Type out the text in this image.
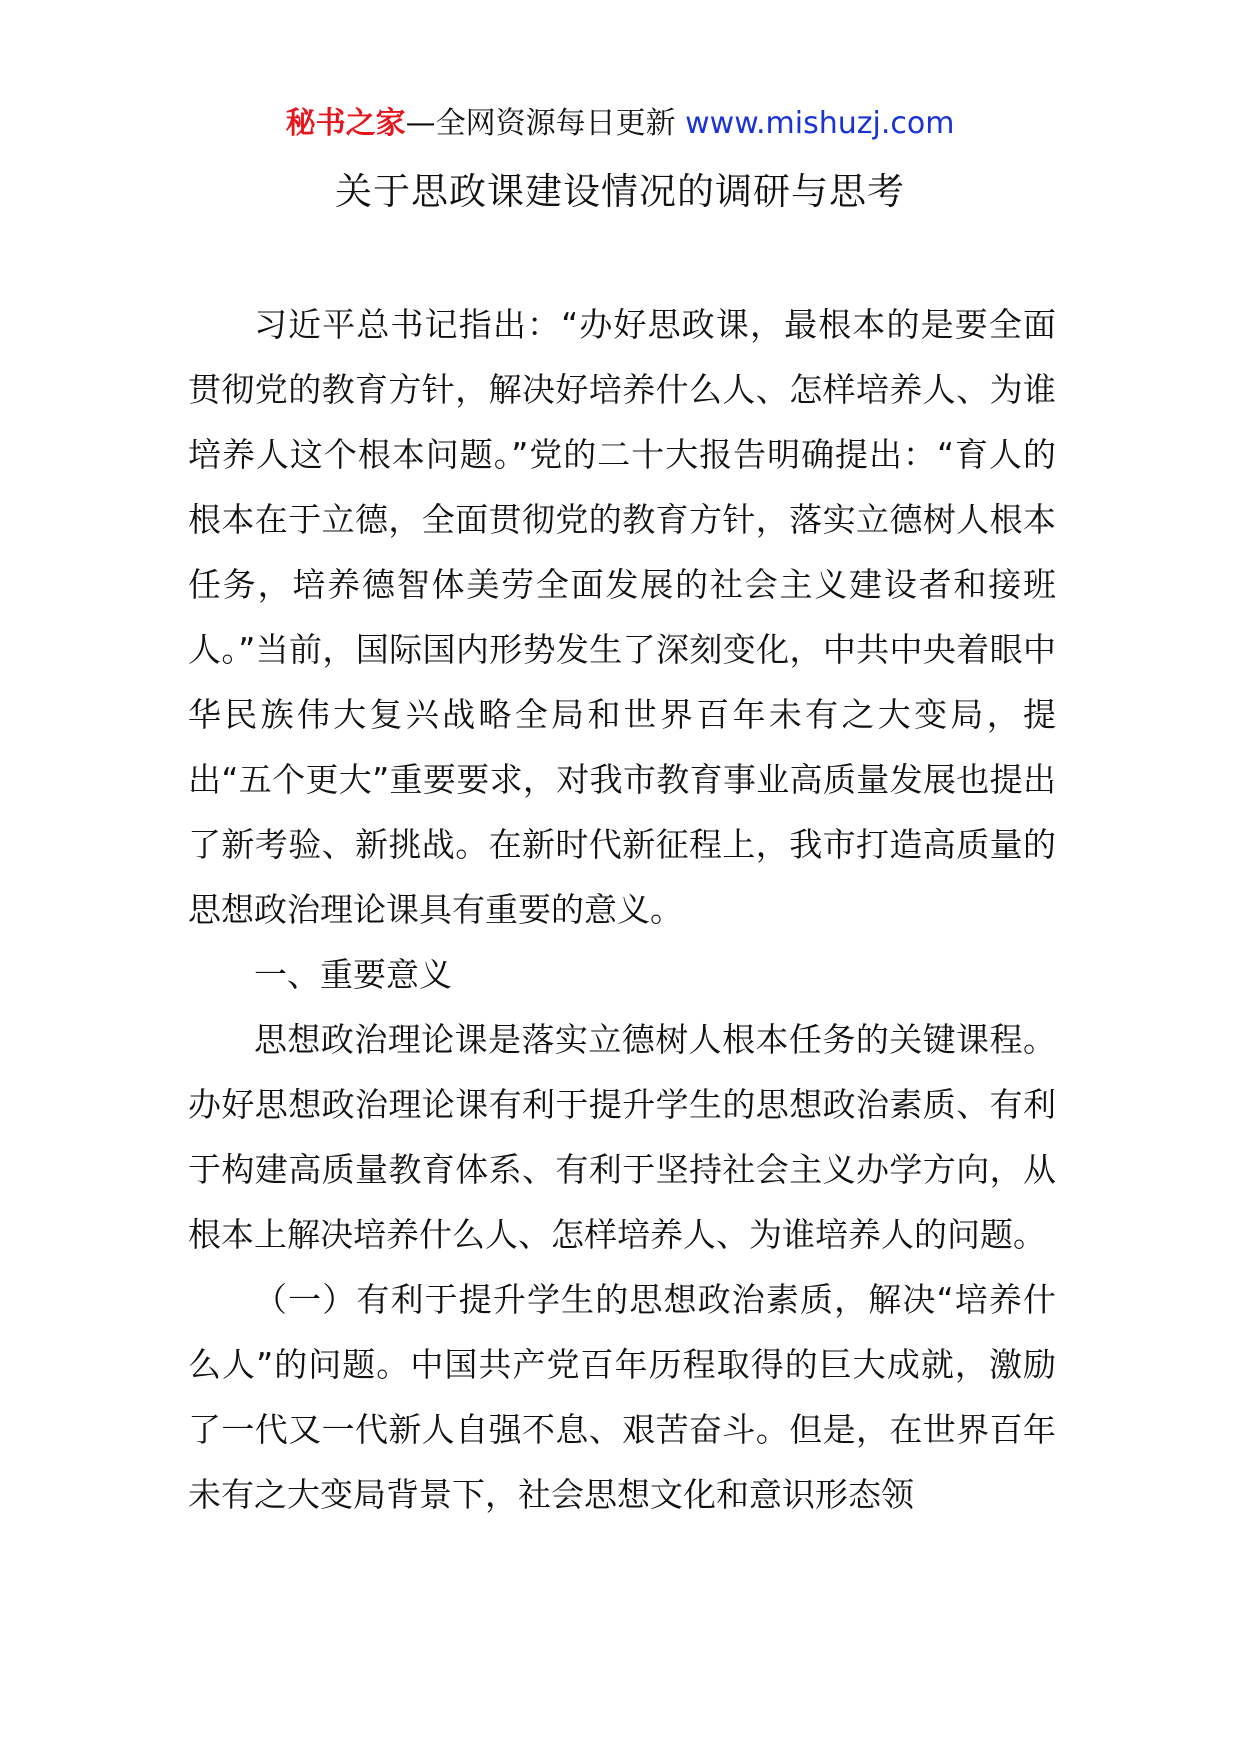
秘书之家—全网资源每日更新 www.mishuzj.com
关于思政课建设情况的调研与思考

习近平总书记指出：“办好思政课，最根本的是要全面贯彻党的教育方针，解决好培养什么人、怎样培养人、为谁培养人这个根本问题。”党的二十大报告明确提出：“育人的根本在于立德，全面贯彻党的教育方针，落实立德树人根本任务，培养德智体美劳全面发展的社会主义建设者和接班人。”当前，国际国内形势发生了深刻变化，中共中央着眼中华民族伟大复兴战略全局和世界百年未有之大变局，提出“五个更大”重要要求，对我市教育事业高质量发展也提出了新考验、新挑战。在新时代新征程上，我市打造高质量的思想政治理论课具有重要的意义。

一、重要意义

思想政治理论课是落实立德树人根本任务的关键课程。办好思想政治理论课有利于提升学生的思想政治素质、有利于构建高质量教育体系、有利于坚持社会主义办学方向，从根本上解决培养什么人、怎样培养人、为谁培养人的问题。

（一）有利于提升学生的思想政治素质，解决“培养什么人”的问题。中国共产党百年历程取得的巨大成就，激励了一代又一代新人自强不息、艰苦奋斗。但是，在世界百年未有之大变局背景下，社会思想文化和意识形态领
